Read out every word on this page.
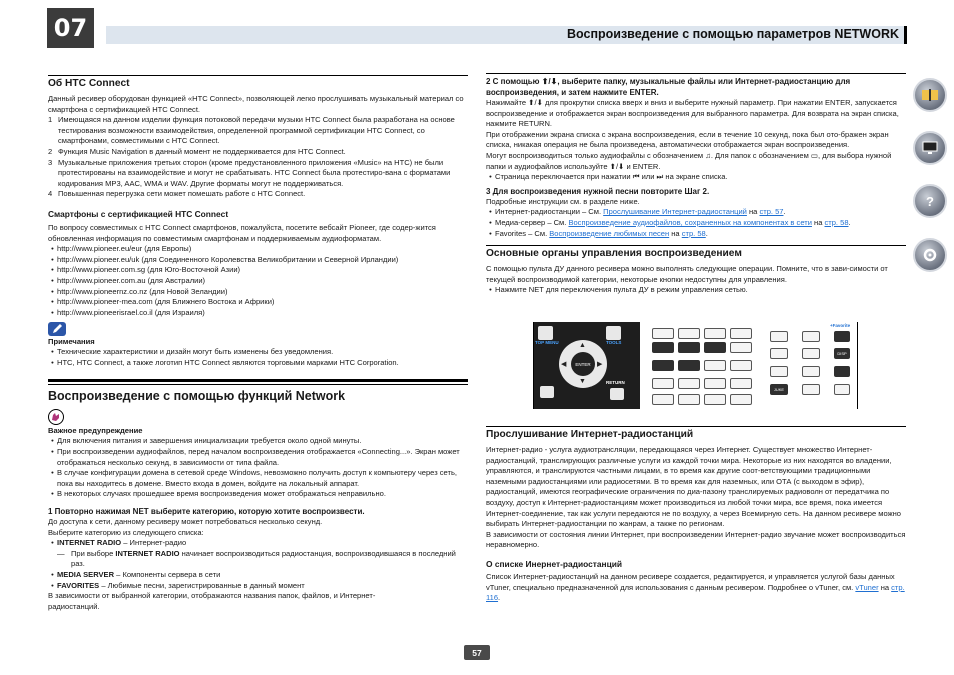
07	Воспроизведение с помощью параметров NETWORK
Об HTC Connect

Данный ресивер оборудован функцией «HTC Connect», позволяющей легко прослушивать музыкальный материал со смартфона с сертификацией HTC Connect.

1 Имеющаяся на данном изделии функция потоковой передачи музыки HTC Connect была разработана на основе тестирования возможности взаимодействия, определенной программой сертификации HTC Connect, со смартфонами, совместимыми с HTC Connect.
2 Функция Music Navigation в данный момент не поддерживается для HTC Connect.
3 Музыкальные приложения третьих сторон (кроме предустановленного приложения «Music» на HTC) не были протестированы на взаимодействие и могут не срабатывать. HTC Connect была протестиро-вана с форматами кодирования MP3, AAC, WMA и WAV. Другие форматы могут не поддерживаться.
4 Повышенная перегрузка сети может помешать работе с HTC Connect.
Смартфоны с сертификацией HTC Connect

По вопросу совместимых с HTC Connect смартфонов, пожалуйста, посетите вебсайт Pioneer, где содер-жится обновленная информация по совместимым смартфонам и поддерживаемым аудиоформатам.

• http://www.pioneer.eu/eur (для Европы)
• http://www.pioneer.eu/uk (для Соединенного Королевства Великобритании и Северной Ирландии)
• http://www.pioneer.com.sg (для Юго-Восточной Азии)
• http://www.pioneer.com.au (для Австралии)
• http://www.pioneernz.co.nz (для Новой Зеландии)
• http://www.pioneer-mea.com (для Ближнего Востока и Африки)
• http://www.pioneerisrael.co.il (для Израиля)
Примечания
• Технические характеристики и дизайн могут быть изменены без уведомления.
• HTC, HTC Connect, а также логотип HTC Connect являются торговыми марками HTC Corporation.
Воспроизведение с помощью функций Network
Важное предупреждение
• Для включения питания и завершения инициализации требуется около одной минуты.
• При воспроизведении аудиофайлов, перед началом воспроизведения отображается «Connecting...». Экран может отображаться несколько секунд, в зависимости от типа файла.
• В случае конфигурации домена в сетевой среде Windows, невозможно получить доступ к компьютеру через сеть, пока вы находитесь в домене. Вместо входа в домен, войдите на локальный аппарат.
• В некоторых случаях прошедшее время воспроизведения может отображаться неправильно.
1 Повторно нажимая NET выберите категорию, которую хотите воспроизвести.

До доступа к сети, данному ресиверу может потребоваться несколько секунд.

Выберите категорию из следующего списка:

• INTERNET RADIO – Интернет-радио
— При выборе INTERNET RADIO начинает воспроизводиться радиостанция, воспроизводившаяся в последний раз.
• MEDIA SERVER – Компоненты сервера в сети
• FAVORITES – Любимые песни, зарегистрированные в данный момент

В зависимости от выбранной категории, отображаются названия папок, файлов, и Интернет-радиостанций.

2 С помощью ⬆/⬇, выберите папку, музыкальные файлы или Интернет-радиостанцию для воспроизведения, и затем нажмите ENTER.

Нажимайте ⬆/⬇ для прокрутки списка вверх и вниз и выберите нужный параметр. При нажатии ENTER, запускается воспроизведение и отображается экран воспроизведения для выбранного параметра. Для возврата на экран списка, нажмите RETURN.

При отображении экрана списка с экрана воспроизведения, если в течение 10 секунд, пока был ото-бражен экран списка, никакая операция не была произведена, автоматически отображается экран воспроизведения.

Могут воспроизводиться только аудиофайлы с обозначением ♫. Для папок с обозначением ▭, для выбора нужной папки и аудиофайлов используйте ⬆/⬇ и ENTER.

• Страница переключается при нажатии ⏮ или ⏭ на экране списка.
3 Для воспроизведения нужной песни повторите Шаг 2.

Подробные инструкции см. в разделе ниже.

• Интернет-радиостанции – См. Прослушивание Интернет-радиостанций на стр. 57.
• Медиа-сервер – См. Воспроизведение аудиофайлов, сохраненных на компонентах в сети на стр. 58.
• Favorites – См. Воспроизведение любимых песен на стр. 58.
Основные органы управления воспроизведением

С помощью пульта ДУ данного ресивера можно выполнять следующие операции. Помните, что в зави-симости от текущей воспроизводимой категории, некоторые кнопки недоступны для управления.

• Нажмите NET для переключения пульта ДУ в режим управления сетью.
TOP MENU	TOOLS
ENTER
▲
▼
◀	▶
RETURN
+Favorite
DISP
JUKE
Прослушивание Интернет-радиостанций

Интернет-радио - услуга аудиотрансляции, передающаяся через Интернет. Существует множество Интернет-радиостанций, транслирующих различные услуги из каждой точки мира. Некоторые из них находятся во владении, управляются, и транслируются частными лицами, в то время как другие соот-ветствующими традиционными наземными радиостанциями или радиосетями. В то время как для наземных, или ОТА (с выходом в эфир), радиостанций, имеются географические ограничения по диа-пазону транслируемых радиоволн от передатчика по воздуху, доступ к Интернет-радиостанциям может производиться из любой точки мира, все время, пока имеется Интернет-соединение, так как услуги передаются не по воздуху, а через Всемирную сеть. На данном ресивере можно выбирать Интернет-радиостанции по жанрам, а также по регионам.

В зависимости от состояния линии Интернет, при воспроизведении Интернет-радио звучание может воспроизводиться неравномерно.

О списке Инернет-радиостанций

Список Интернет-радиостанций на данном ресивере создается, редактируется, и управляется услугой базы данных vTuner, специально предназначенной для использования с данным ресивером. Подробнее о vTuner, см. vTuner на стр. 116.

?
57
